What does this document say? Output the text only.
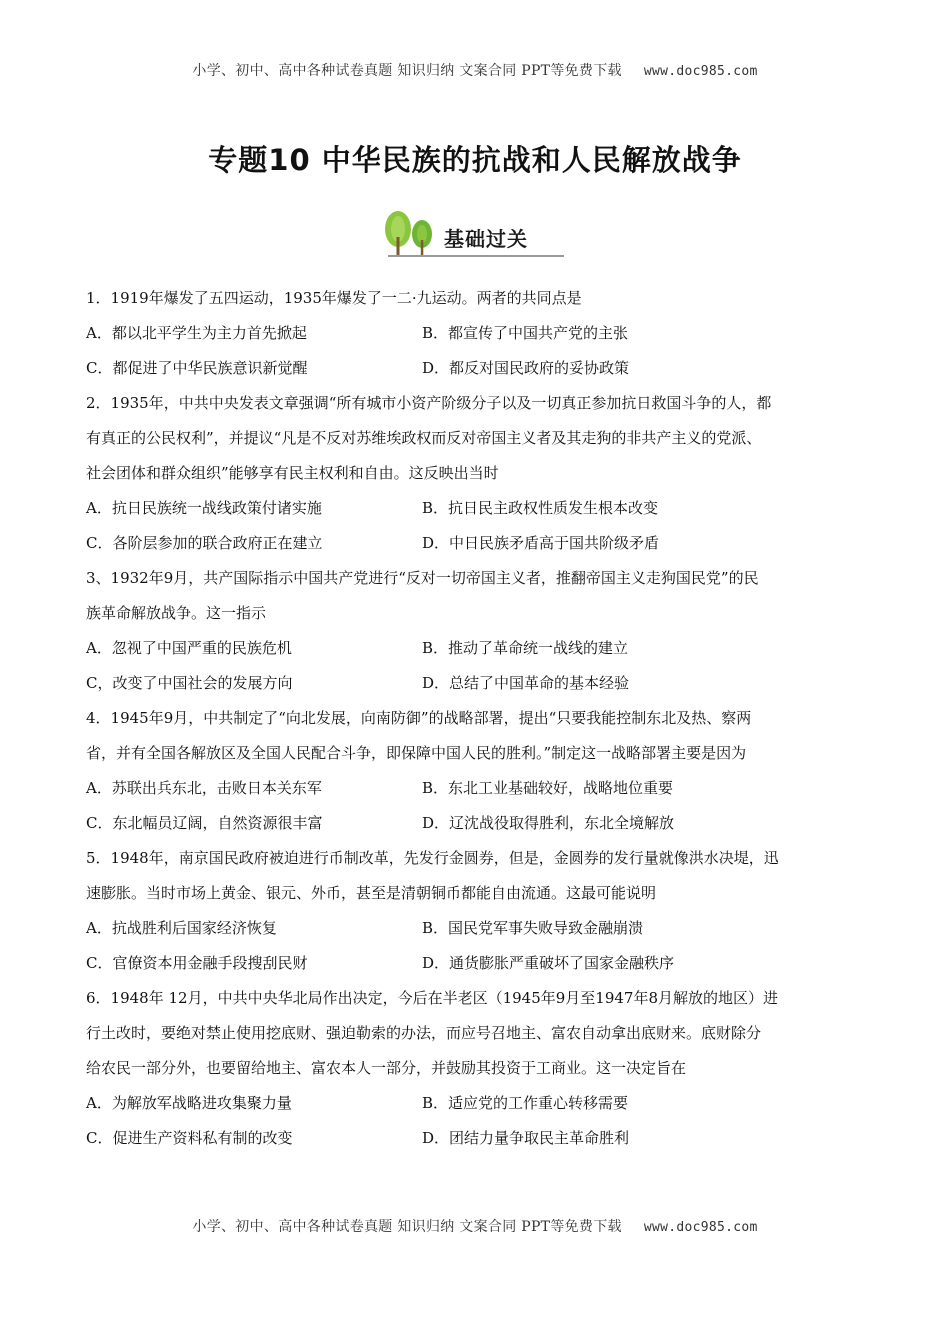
小学、初中、高中各种试卷真题 知识归纳 文案合同 PPT等免费下载 www.doc985.com
专题10 中华民族的抗战和人民解放战争
基础过关
1．1919年爆发了五四运动，1935年爆发了一二·九运动。两者的共同点是
A．都以北平学生为主力首先掀起	B．都宣传了中国共产党的主张
C．都促进了中华民族意识新觉醒	D．都反对国民政府的妥协政策
2．1935年，中共中央发表文章强调“所有城市小资产阶级分子以及一切真正参加抗日救国斗争的人，都
有真正的公民权利”，并提议“凡是不反对苏维埃政权而反对帝国主义者及其走狗的非共产主义的党派、
社会团体和群众组织”能够享有民主权利和自由。这反映出当时
A．抗日民族统一战线政策付诸实施	B．抗日民主政权性质发生根本改变
C．各阶层参加的联合政府正在建立	D．中日民族矛盾高于国共阶级矛盾
3、1932年9月，共产国际指示中国共产党进行“反对一切帝国主义者，推翻帝国主义走狗国民党”的民
族革命解放战争。这一指示
A．忽视了中国严重的民族危机	B．推动了革命统一战线的建立
C，改变了中国社会的发展方向	D．总结了中国革命的基本经验
4．1945年9月，中共制定了“向北发展，向南防御”的战略部署，提出“只要我能控制东北及热、察两
省，并有全国各解放区及全国人民配合斗争，即保障中国人民的胜利。”制定这一战略部署主要是因为
A．苏联出兵东北，击败日本关东军	B．东北工业基础较好，战略地位重要
C．东北幅员辽阔，自然资源很丰富	D．辽沈战役取得胜利，东北全境解放
5．1948年，南京国民政府被迫进行币制改革，先发行金圆券，但是，金圆券的发行量就像洪水决堤，迅
速膨胀。当时市场上黄金、银元、外币，甚至是清朝铜币都能自由流通。这最可能说明
A．抗战胜利后国家经济恢复	B．国民党军事失败导致金融崩溃
C．官僚资本用金融手段搜刮民财	D．通货膨胀严重破坏了国家金融秩序
6．1948年 12月，中共中央华北局作出决定，今后在半老区（1945年9月至1947年8月解放的地区）进
行土改时，要绝对禁止使用挖底财、强迫勒索的办法，而应号召地主、富农自动拿出底财来。底财除分
给农民一部分外，也要留给地主、富农本人一部分，并鼓励其投资于工商业。这一决定旨在
A．为解放军战略进攻集聚力量	B．适应党的工作重心转移需要
C．促进生产资料私有制的改变	D．团结力量争取民主革命胜利
小学、初中、高中各种试卷真题 知识归纳 文案合同 PPT等免费下载 www.doc985.com
